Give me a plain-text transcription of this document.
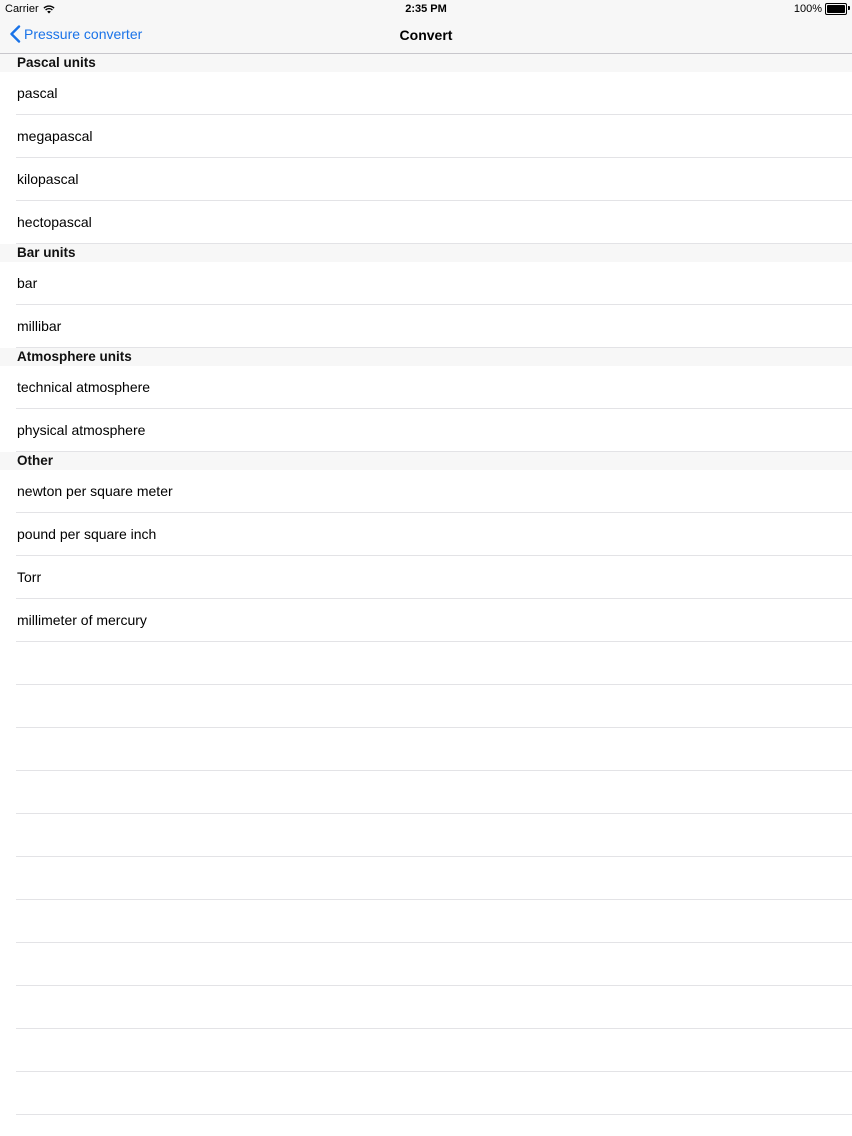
Carrier	2:35 PM	100%
Pressure converter	Convert
Pascal units
pascal
megapascal
kilopascal
hectopascal
Bar units
bar
millibar
Atmosphere units
technical atmosphere
physical atmosphere
Other
newton per square meter
pound per square inch
Torr
millimeter of mercury
